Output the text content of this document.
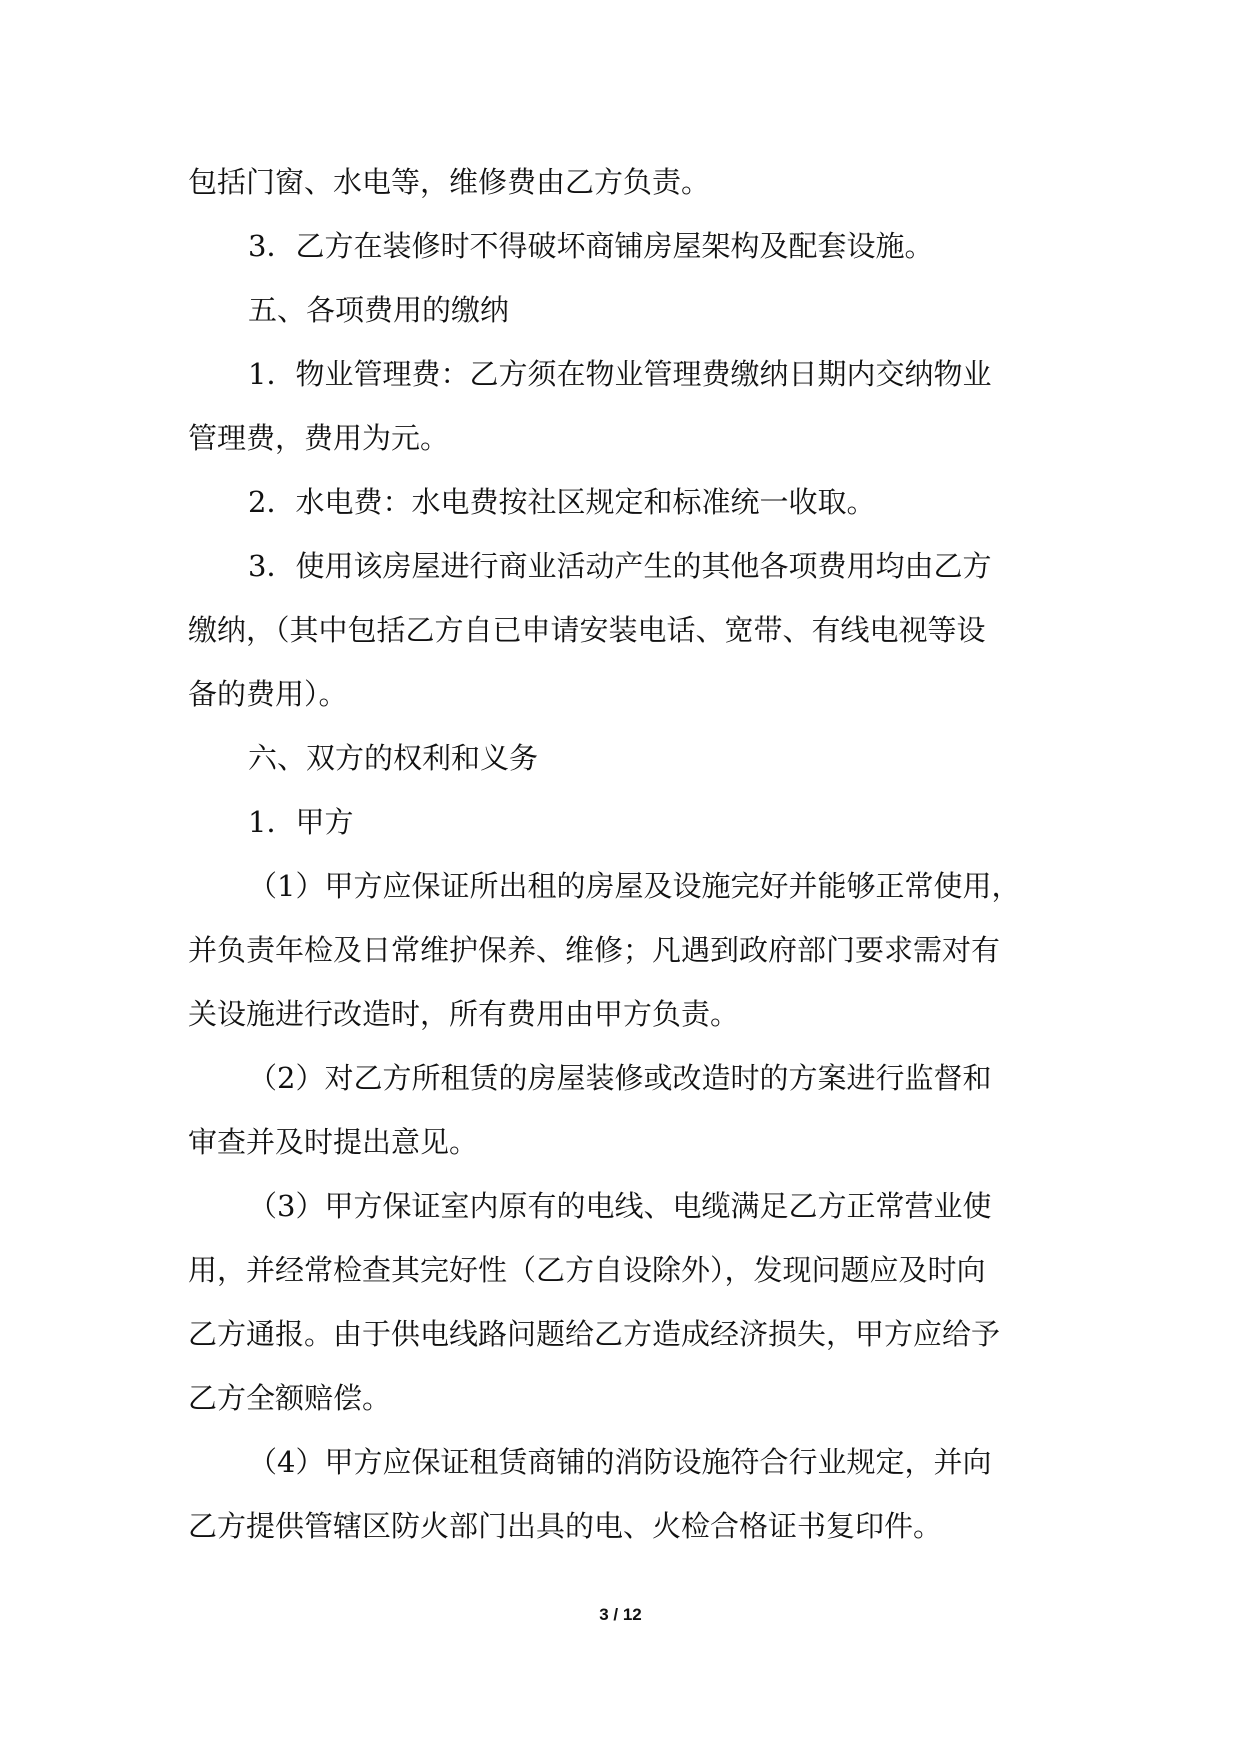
包括门窗、水电等，维修费由乙方负责。
3．乙方在装修时不得破坏商铺房屋架构及配套设施。
五、各项费用的缴纳
1．物业管理费：乙方须在物业管理费缴纳日期内交纳物业
管理费，费用为元。
2．水电费：水电费按社区规定和标准统一收取。
3．使用该房屋进行商业活动产生的其他各项费用均由乙方
缴纳，（其中包括乙方自已申请安装电话、宽带、有线电视等设
备的费用）。
六、双方的权利和义务
1．甲方
（1）甲方应保证所出租的房屋及设施完好并能够正常使用，
并负责年检及日常维护保养、维修；凡遇到政府部门要求需对有
关设施进行改造时，所有费用由甲方负责。
（2）对乙方所租赁的房屋装修或改造时的方案进行监督和
审查并及时提出意见。
（3）甲方保证室内原有的电线、电缆满足乙方正常营业使
用，并经常检查其完好性（乙方自设除外），发现问题应及时向
乙方通报。由于供电线路问题给乙方造成经济损失，甲方应给予
乙方全额赔偿。
（4）甲方应保证租赁商铺的消防设施符合行业规定，并向
乙方提供管辖区防火部门出具的电、火检合格证书复印件。
3 / 12
